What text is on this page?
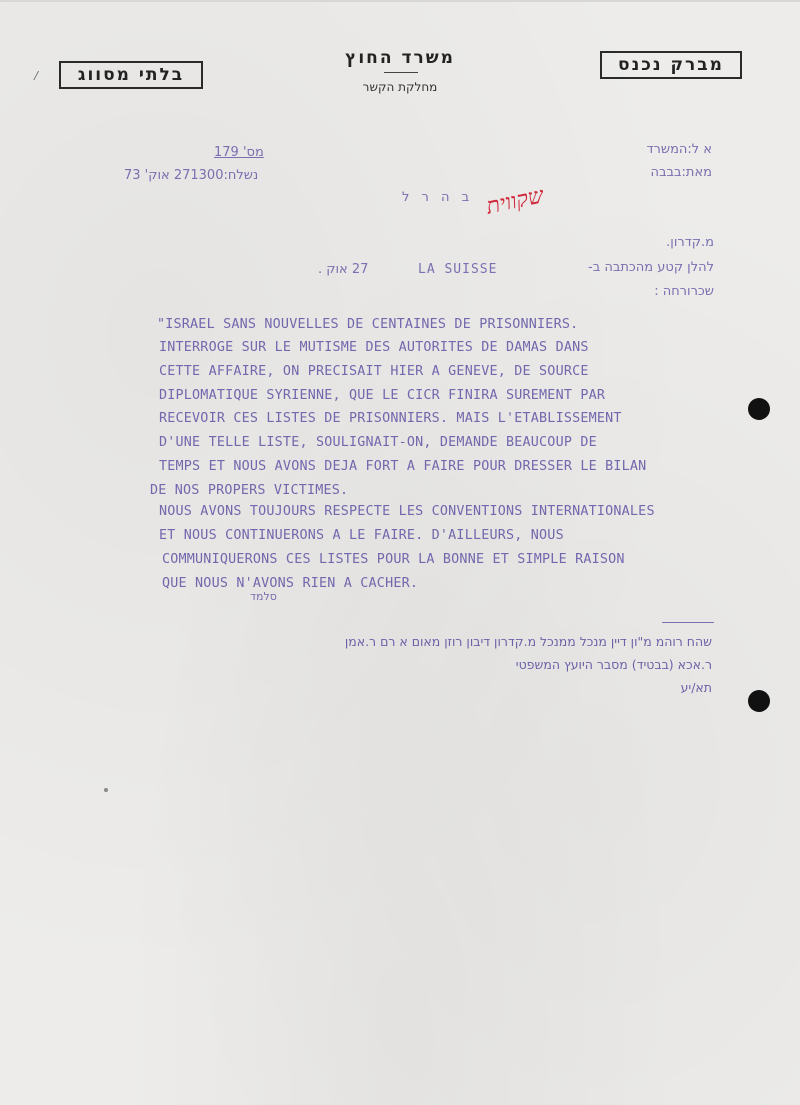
בלתי מסווג	מברק נכנס
⁄
משרד החוץ
מחלקת הקשר
א ל:המשרד
מאת:בבבה
מס' 179
נשלח:271300 אוק' 73
ב ה ר ל שקווית
מ.קדרון.
להלן קטע מהכתבה ב-
LA SUISSE
27 אוק .
שכרורחה :
"ISRAEL SANS NOUVELLES DE CENTAINES DE PRISONNIERS.
INTERROGE SUR LE MUTISME DES AUTORITES DE DAMAS DANS
CETTE AFFAIRE, ON PRECISAIT HIER A GENEVE, DE SOURCE
DIPLOMATIQUE SYRIENNE, QUE LE CICR FINIRA SUREMENT PAR
RECEVOIR CES LISTES DE PRISONNIERS. MAIS L'ETABLISSEMENT
D'UNE TELLE LISTE, SOULIGNAIT-ON, DEMANDE BEAUCOUP DE
TEMPS ET NOUS AVONS DEJA FORT A FAIRE POUR DRESSER LE BILAN
DE NOS PROPERS VICTIMES.
NOUS AVONS TOUJOURS RESPECTE LES CONVENTIONS INTERNATIONALES
ET NOUS CONTINUERONS A LE FAIRE. D'AILLEURS, NOUS
COMMUNIQUERONS CES LISTES POUR LA BONNE ET SIMPLE RAISON
QUE NOUS N'AVONS RIEN A CACHER.
סלמד
שהח רוהמ מ"ון דיין מנכל ממנכל מ.קדרון דיבון רוזן מאום א רם ר.אמן
ר.אכא (בבטיד) מסבר היועץ המשפטי
תא/יע
